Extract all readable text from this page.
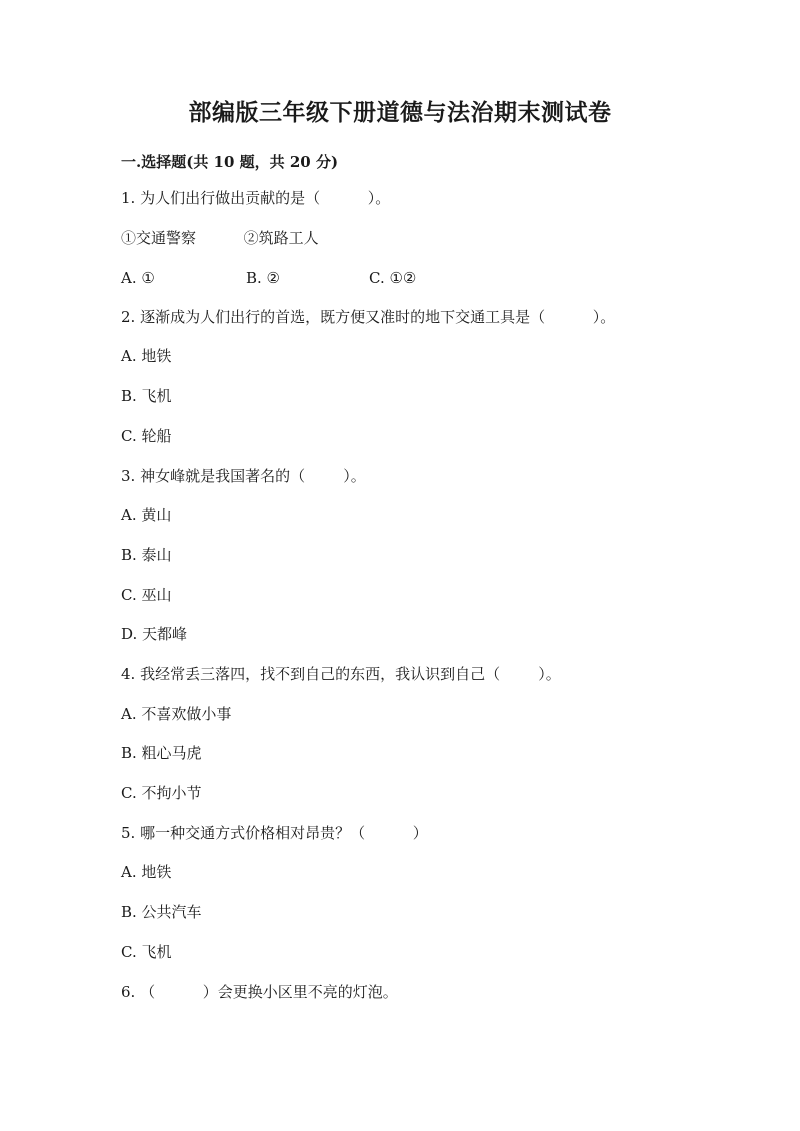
部编版三年级下册道德与法治期末测试卷
一.选择题(共 10 题，共 20 分)
1. 为人们出行做出贡献的是（          ）。
①交通警察          ②筑路工人
A. ①	B. ②	C. ①②
2. 逐渐成为人们出行的首选，既方便又准时的地下交通工具是（          ）。
A. 地铁
B. 飞机
C. 轮船
3. 神女峰就是我国著名的（        ）。
A. 黄山
B. 泰山
C. 巫山
D. 天都峰
4. 我经常丢三落四，找不到自己的东西，我认识到自己（        ）。
A. 不喜欢做小事
B. 粗心马虎
C. 不拘小节
5. 哪一种交通方式价格相对昂贵？（          ）
A. 地铁
B. 公共汽车
C. 飞机
6. （          ）会更换小区里不亮的灯泡。
